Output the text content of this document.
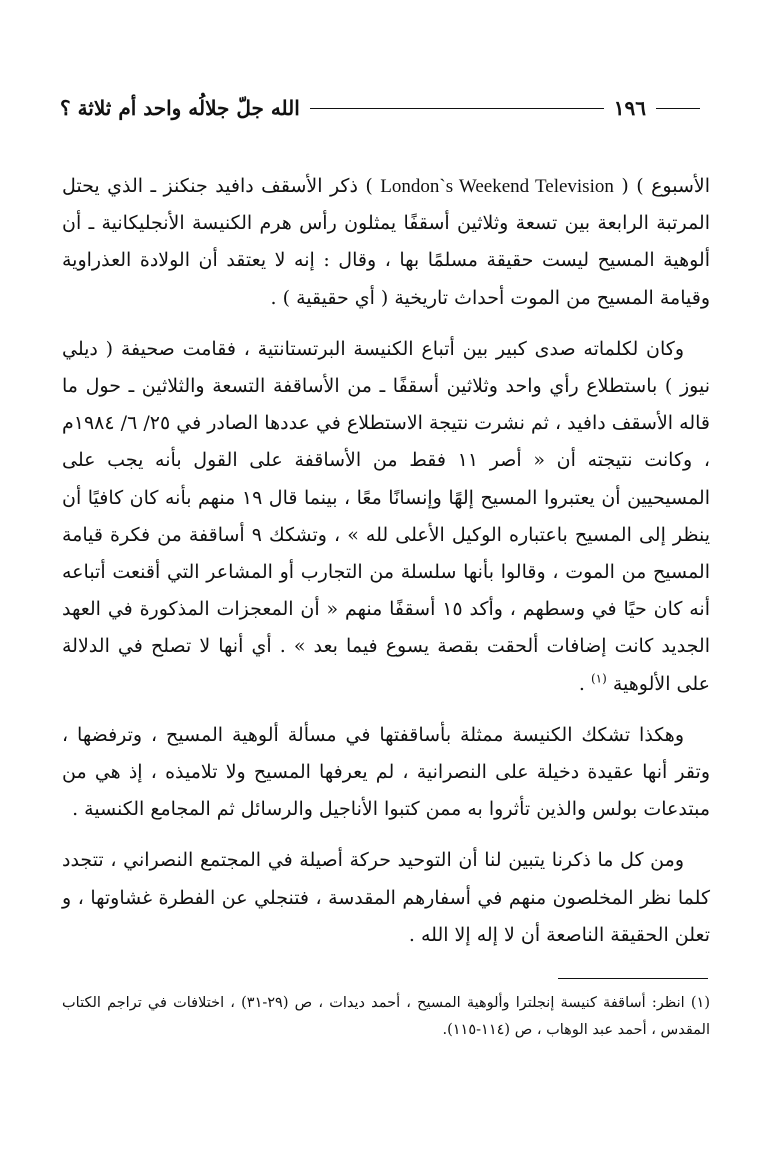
١٩٦
الله جلّ جلالُه واحد أم ثلاثة ؟

الأسبوع ) ( London`s Weekend Television ) ذكر الأسقف دافيد جنكنز ـ الذي يحتل المرتبة الرابعة بين تسعة وثلاثين أسقفًا يمثلون رأس هرم الكنيسة الأنجليكانية ـ أن ألوهية المسيح ليست حقيقة مسلمًا بها ، وقال : إنه لا يعتقد أن الولادة العذراوية وقيامة المسيح من الموت أحداث تاريخية ( أي حقيقية ) .

وكان لكلماته صدى كبير بين أتباع الكنيسة البرتستانتية ، فقامت صحيفة ( ديلي نيوز ) باستطلاع رأي واحد وثلاثين أسقفًا ـ من الأساقفة التسعة والثلاثين ـ حول ما قاله الأسقف دافيد ، ثم نشرت نتيجة الاستطلاع في عددها الصادر في ٢٥/ ٦/ ١٩٨٤م ، وكانت نتيجته أن « أصر ١١ فقط من الأساقفة على القول بأنه يجب على المسيحيين أن يعتبروا المسيح إلهًا وإنسانًا معًا ، بينما قال ١٩ منهم بأنه كان كافيًا أن ينظر إلى المسيح باعتباره الوكيل الأعلى لله » ، وتشكك ٩ أساقفة من فكرة قيامة المسيح من الموت ، وقالوا بأنها سلسلة من التجارب أو المشاعر التي أقنعت أتباعه أنه كان حيًا في وسطهم ، وأكد ١٥ أسقفًا منهم « أن المعجزات المذكورة في العهد الجديد كانت إضافات ألحقت بقصة يسوع فيما بعد » . أي أنها لا تصلح في الدلالة على الألوهية $^{(١)}$ .

وهكذا تشكك الكنيسة ممثلة بأساقفتها في مسألة ألوهية المسيح ، وترفضها ، وتقر أنها عقيدة دخيلة على النصرانية ، لم يعرفها المسيح ولا تلاميذه ، إذ هي من مبتدعات بولس والذين تأثروا به ممن كتبوا الأناجيل والرسائل ثم المجامع الكنسية .

ومن كل ما ذكرنا يتبين لنا أن التوحيد حركة أصيلة في المجتمع النصراني ، تتجدد كلما نظر المخلصون منهم في أسفارهم المقدسة ، فتنجلي عن الفطرة غشاوتها ، و تعلن الحقيقة الناصعة أن لا إله إلا الله .

(١) انظر: أساقفة كنيسة إنجلترا وألوهية المسيح ، أحمد ديدات ، ص (٢٩-٣١) ، اختلافات في تراجم الكتاب المقدس ، أحمد عبد الوهاب ، ص (١١٤-١١٥).
